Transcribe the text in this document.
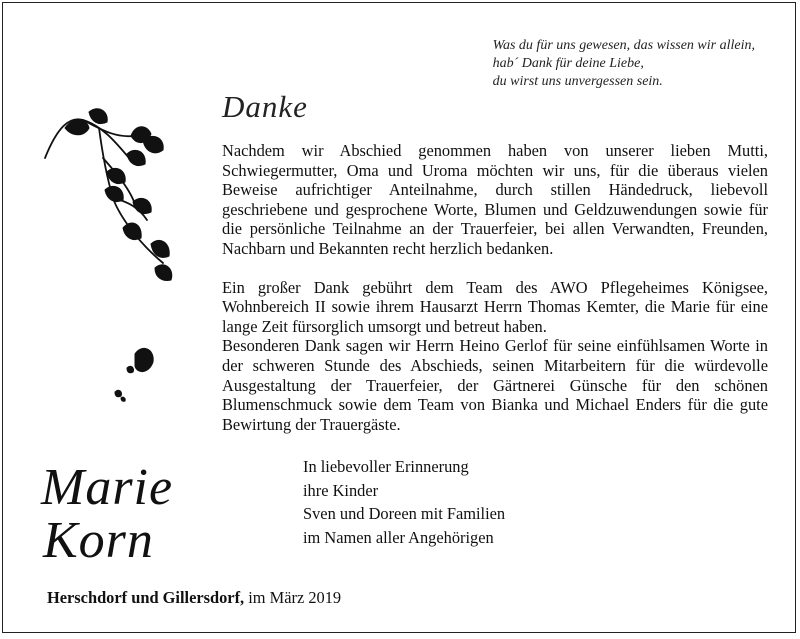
Was du für uns gewesen, das wissen wir allein,
hab´ Dank für deine Liebe,
du wirst uns unvergessen sein.
Danke

Nachdem wir Abschied genommen haben von unserer lieben Mutti, Schwiegermutter, Oma und Uroma möchten wir uns, für die überaus vielen Beweise aufrichtiger Anteilnahme, durch stillen Händedruck, liebevoll geschriebene und gesprochene Worte, Blumen und Geldzuwendungen sowie für die persönliche Teilnahme an der Trauerfeier, bei allen Verwandten, Freunden, Nachbarn und Bekannten recht herzlich bedanken.

Ein großer Dank gebührt dem Team des AWO Pflegeheimes Königsee, Wohnbereich II sowie ihrem Hausarzt Herrn Thomas Kemter, die Marie für eine lange Zeit fürsorglich umsorgt und betreut haben.

Besonderen Dank sagen wir Herrn Heino Gerlof für seine einfühlsamen Worte in der schweren Stunde des Abschieds, seinen Mitarbeitern für die würdevolle Ausgestaltung der Trauerfeier, der Gärtnerei Günsche für den schönen Blumenschmuck sowie dem Team von Bianka und Michael Enders für die gute Bewirtung der Trauergäste.

Marie
Korn
In liebevoller Erinnerung
ihre Kinder
Sven und Doreen mit Familien
im Namen aller Angehörigen
Herschdorf und Gillersdorf, im März 2019
